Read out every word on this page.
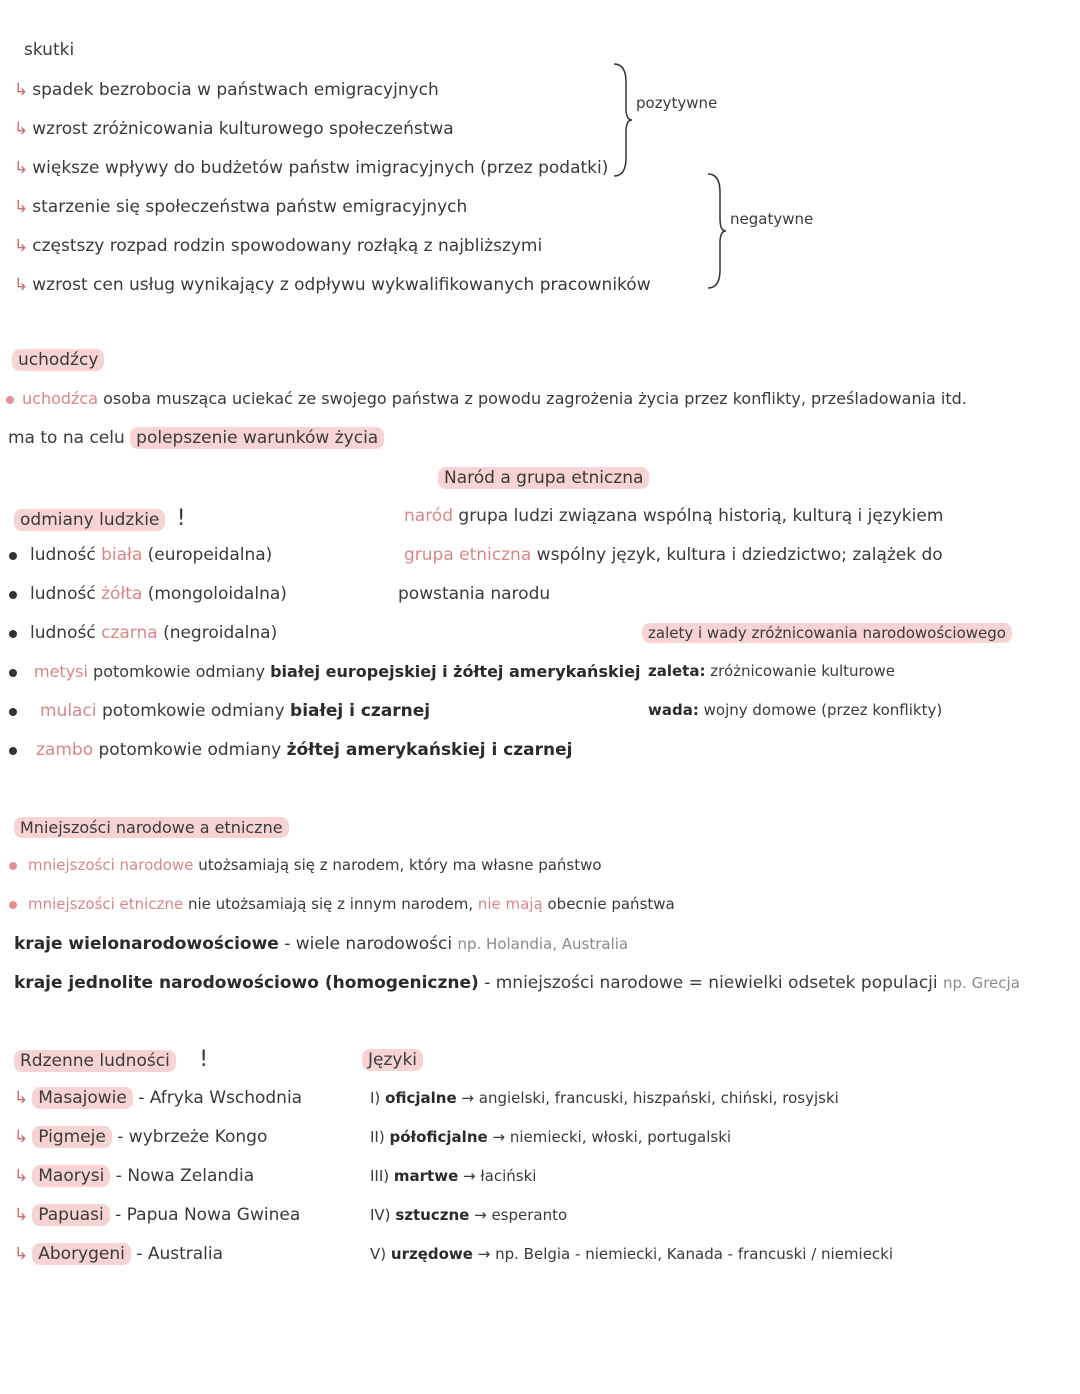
skutki
↳ spadek bezrobocia w państwach emigracyjnych
↳ wzrost zróżnicowania kulturowego społeczeństwa
↳ większe wpływy do budżetów państw imigracyjnych (przez podatki)
↳ starzenie się społeczeństwa państw emigracyjnych
↳ częstszy rozpad rodzin spowodowany rozłąką z najbliższymi
↳ wzrost cen usług wynikający z odpływu wykwalifikowanych pracowników
pozytywne
negatywne
uchodźcy
uchodźca osoba musząca uciekać ze swojego państwa z powodu zagrożenia życia przez konflikty, prześladowania itd.
ma to na celu polepszenie warunków życia
Naród a grupa etniczna
naród grupa ludzi związana wspólną historią, kulturą i językiem
grupa etniczna wspólny język, kultura i dziedzictwo; zalążek do
powstania narodu
odmiany ludzkie !
ludność biała (europeidalna)
ludność żółta (mongoloidalna)
ludność czarna (negroidalna)
metysi potomkowie odmiany białej europejskiej i żółtej amerykańskiej
mulaci potomkowie odmiany białej i czarnej
zambo potomkowie odmiany żółtej amerykańskiej i czarnej
zalety i wady zróżnicowania narodowościowego
zaleta: zróżnicowanie kulturowe
wada: wojny domowe (przez konflikty)
Mniejszości narodowe a etniczne
mniejszości narodowe utożsamiają się z narodem, który ma własne państwo
mniejszości etniczne nie utożsamiają się z innym narodem, nie mają obecnie państwa
kraje wielonarodowościowe - wiele narodowości np. Holandia, Australia
kraje jednolite narodowościowo (homogeniczne) - mniejszości narodowe = niewielki odsetek populacji np. Grecja
Rdzenne ludności !
↳ Masajowie - Afryka Wschodnia
↳ Pigmeje - wybrzeże Kongo
↳ Maorysi - Nowa Zelandia
↳ Papuasi - Papua Nowa Gwinea
↳ Aborygeni - Australia
Języki
I) oficjalne → angielski, francuski, hiszpański, chiński, rosyjski
II) półoficjalne → niemiecki, włoski, portugalski
III) martwe → łaciński
IV) sztuczne → esperanto
V) urzędowe → np. Belgia - niemiecki, Kanada - francuski / niemiecki
